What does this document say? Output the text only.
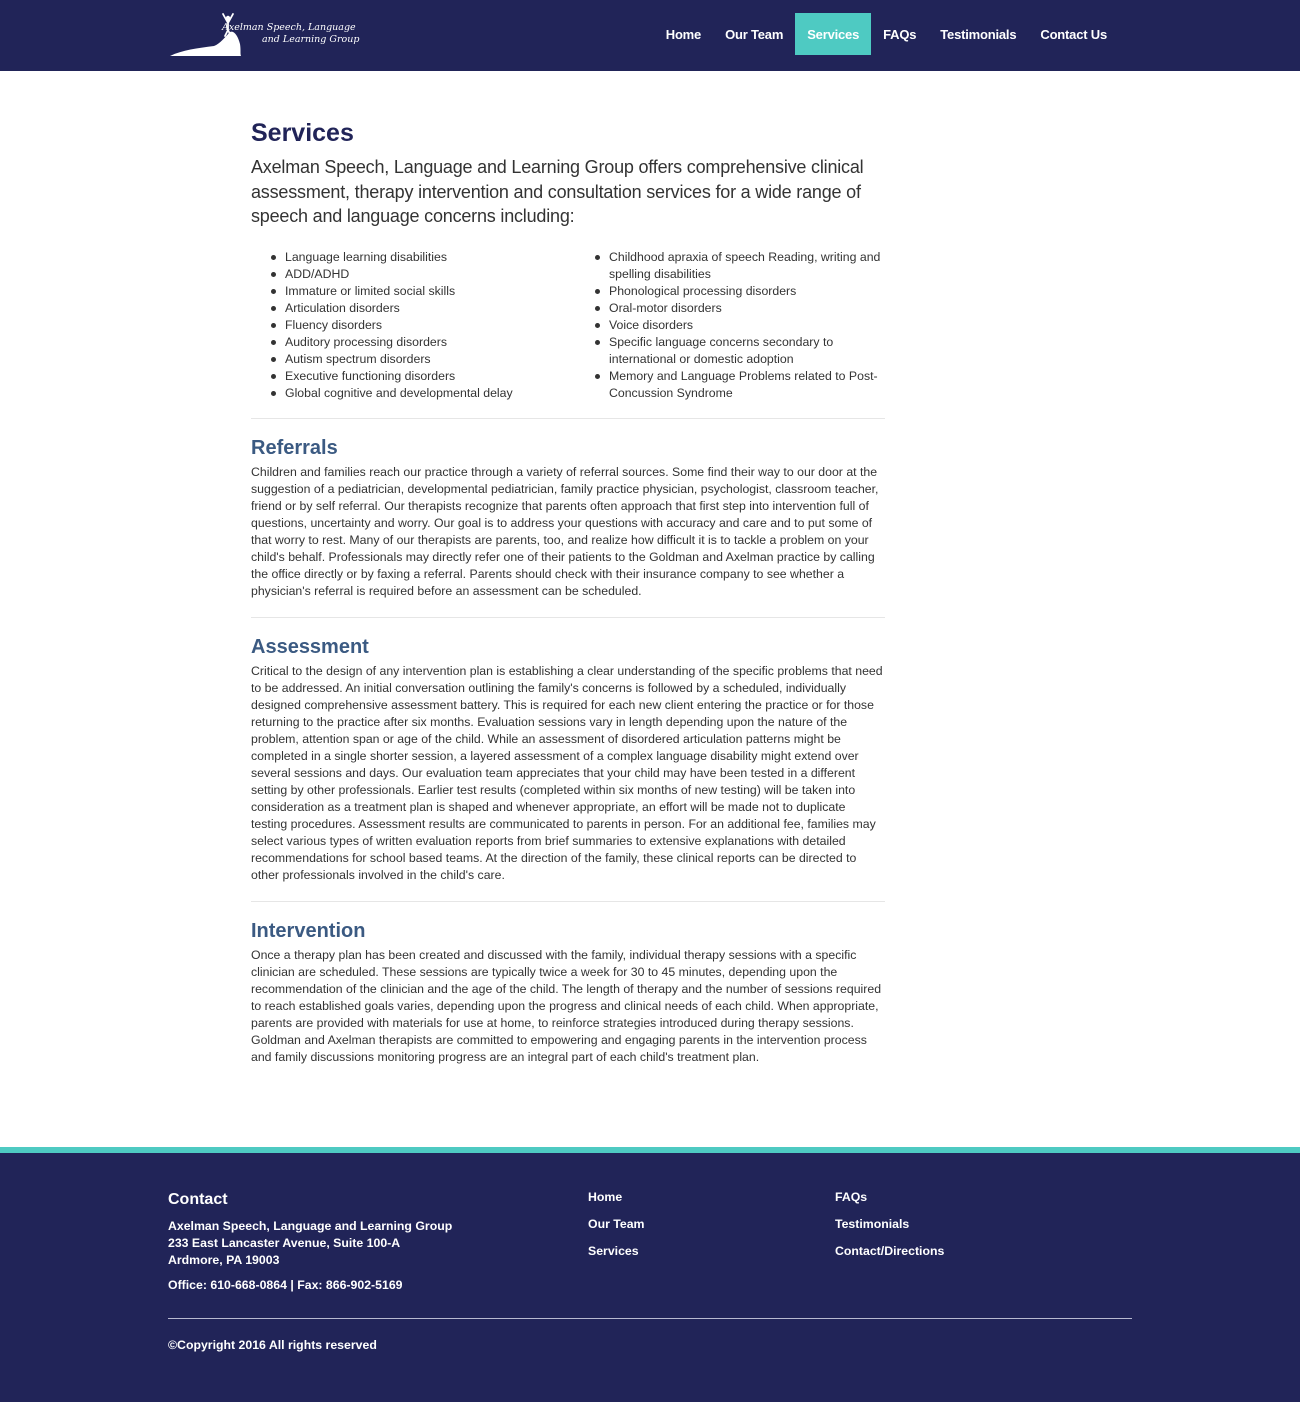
Axelman Speech, Language
and Learning Group	Home	Our Team	Services	FAQs	Testimonials	Contact Us
Services

Axelman Speech, Language and Learning Group offers comprehensive clinical assessment, therapy intervention and consultation services for a wide range of speech and language concerns including:

Language learning disabilities
ADD/ADHD
Immature or limited social skills
Articulation disorders
Fluency disorders
Auditory processing disorders
Autism spectrum disorders
Executive functioning disorders
Global cognitive and developmental delay
Childhood apraxia of speech Reading, writing and spelling disabilities
Phonological processing disorders
Oral-motor disorders
Voice disorders
Specific language concerns secondary to international or domestic adoption
Memory and Language Problems related to Post-Concussion Syndrome
Referrals

Children and families reach our practice through a variety of referral sources. Some find their way to our door at the suggestion of a pediatrician, developmental pediatrician, family practice physician, psychologist, classroom teacher, friend or by self referral. Our therapists recognize that parents often approach that first step into intervention full of questions, uncertainty and worry. Our goal is to address your questions with accuracy and care and to put some of that worry to rest. Many of our therapists are parents, too, and realize how difficult it is to tackle a problem on your child's behalf. Professionals may directly refer one of their patients to the Goldman and Axelman practice by calling the office directly or by faxing a referral. Parents should check with their insurance company to see whether a physician's referral is required before an assessment can be scheduled.

Assessment

Critical to the design of any intervention plan is establishing a clear understanding of the specific problems that need to be addressed. An initial conversation outlining the family's concerns is followed by a scheduled, individually designed comprehensive assessment battery. This is required for each new client entering the practice or for those returning to the practice after six months. Evaluation sessions vary in length depending upon the nature of the problem, attention span or age of the child. While an assessment of disordered articulation patterns might be completed in a single shorter session, a layered assessment of a complex language disability might extend over several sessions and days. Our evaluation team appreciates that your child may have been tested in a different setting by other professionals. Earlier test results (completed within six months of new testing) will be taken into consideration as a treatment plan is shaped and whenever appropriate, an effort will be made not to duplicate testing procedures. Assessment results are communicated to parents in person. For an additional fee, families may select various types of written evaluation reports from brief summaries to extensive explanations with detailed recommendations for school based teams. At the direction of the family, these clinical reports can be directed to other professionals involved in the child's care.

Intervention

Once a therapy plan has been created and discussed with the family, individual therapy sessions with a specific clinician are scheduled. These sessions are typically twice a week for 30 to 45 minutes, depending upon the recommendation of the clinician and the age of the child. The length of therapy and the number of sessions required to reach established goals varies, depending upon the progress and clinical needs of each child. When appropriate, parents are provided with materials for use at home, to reinforce strategies introduced during therapy sessions. Goldman and Axelman therapists are committed to empowering and engaging parents in the intervention process and family discussions monitoring progress are an integral part of each child's treatment plan.

Contact
Axelman Speech, Language and Learning Group
233 East Lancaster Avenue, Suite 100-A
Ardmore, PA 19003
Office: 610-668-0864 | Fax: 866-902-5169
Home
Our Team
Services
FAQs
Testimonials
Contact/Directions
©Copyright 2016 All rights reserved
